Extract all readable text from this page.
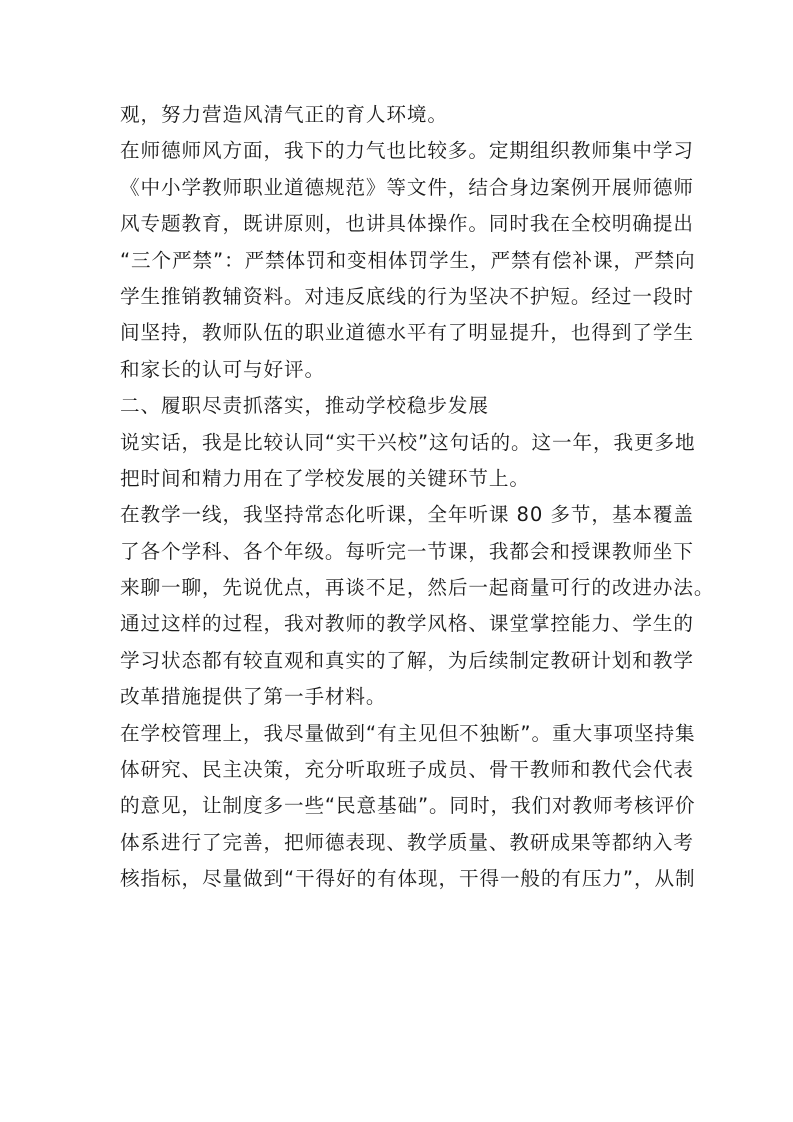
观，努力营造风清气正的育人环境。
在师德师风方面，我下的力气也比较多。定期组织教师集中学习
《中小学教师职业道德规范》等文件，结合身边案例开展师德师
风专题教育，既讲原则，也讲具体操作。同时我在全校明确提出
“三个严禁”：严禁体罚和变相体罚学生，严禁有偿补课，严禁向
学生推销教辅资料。对违反底线的行为坚决不护短。经过一段时
间坚持，教师队伍的职业道德水平有了明显提升，也得到了学生
和家长的认可与好评。
二、履职尽责抓落实，推动学校稳步发展
说实话，我是比较认同“实干兴校”这句话的。这一年，我更多地
把时间和精力用在了学校发展的关键环节上。
在教学一线，我坚持常态化听课，全年听课 80 多节，基本覆盖
了各个学科、各个年级。每听完一节课，我都会和授课教师坐下
来聊一聊，先说优点，再谈不足，然后一起商量可行的改进办法。
通过这样的过程，我对教师的教学风格、课堂掌控能力、学生的
学习状态都有较直观和真实的了解，为后续制定教研计划和教学
改革措施提供了第一手材料。
在学校管理上，我尽量做到“有主见但不独断”。重大事项坚持集
体研究、民主决策，充分听取班子成员、骨干教师和教代会代表
的意见，让制度多一些“民意基础”。同时，我们对教师考核评价
体系进行了完善，把师德表现、教学质量、教研成果等都纳入考
核指标，尽量做到“干得好的有体现，干得一般的有压力”，从制
